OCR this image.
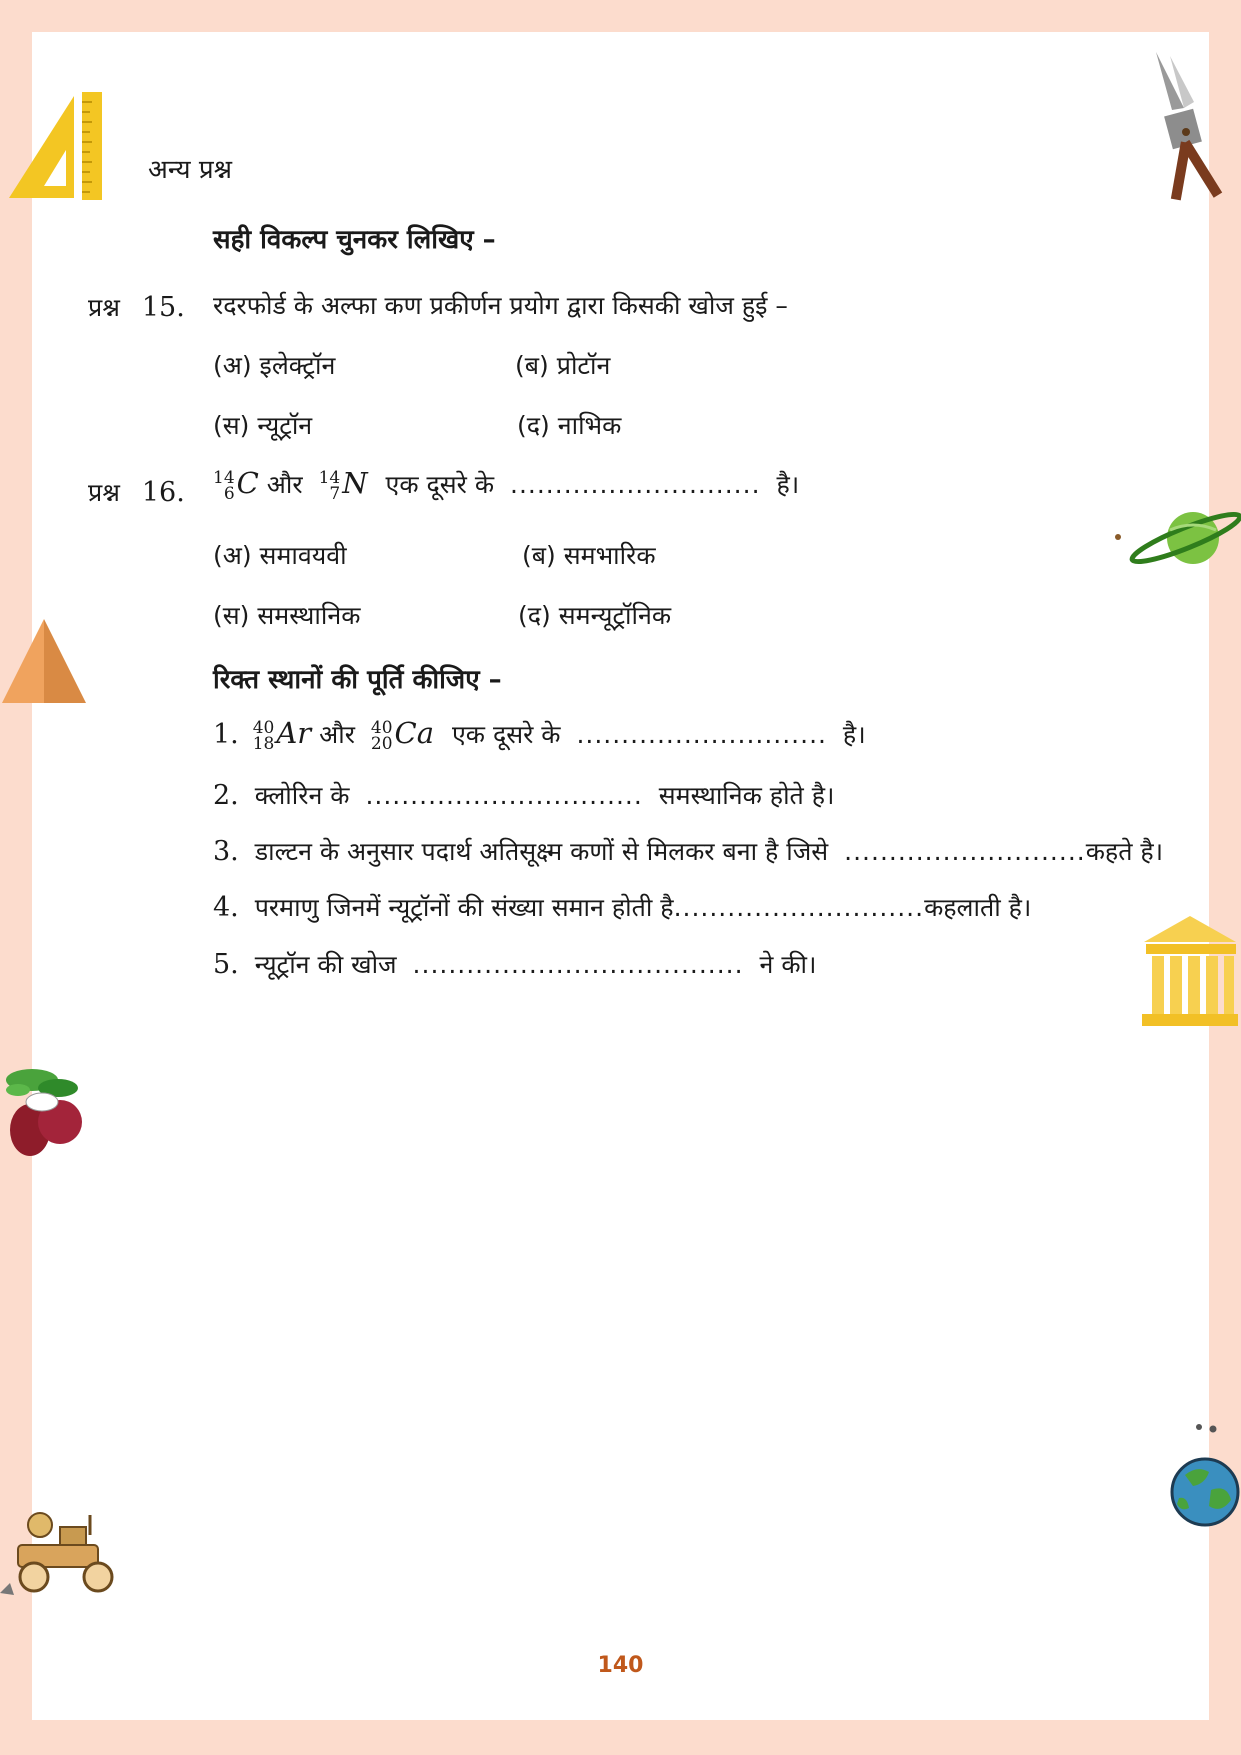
अन्य प्रश्न
सही विकल्प चुनकर लिखिए –
प्रश्न 15. रदरफोर्ड के अल्फा कण प्रकीर्णन प्रयोग द्वारा किसकी खोज हुई –
(अ) इलेक्ट्रॉन	(ब) प्रोटॉन
(स) न्यूट्रॉन	(द) नाभिक
प्रश्न 16. 14
6 C और 14
7 N एक दूसरे के ............................ है।
(अ) समावयवी	(ब) समभारिक
(स) समस्थानिक	(द) समन्यूट्रॉनिक
रिक्त स्थानों की पूर्ति कीजिए –
1. 40
18 Ar और 40
20 Ca एक दूसरे के ............................ है।
2. क्लोरिन के ............................... समस्थानिक होते है।
3. डाल्टन के अनुसार पदार्थ अतिसूक्ष्म कणों से मिलकर बना है जिसे ...........................कहते है।
4. परमाणु जिनमें न्यूट्रॉनों की संख्या समान होती है............................कहलाती है।
5. न्यूट्रॉन की खोज ..................................... ने की।
140
